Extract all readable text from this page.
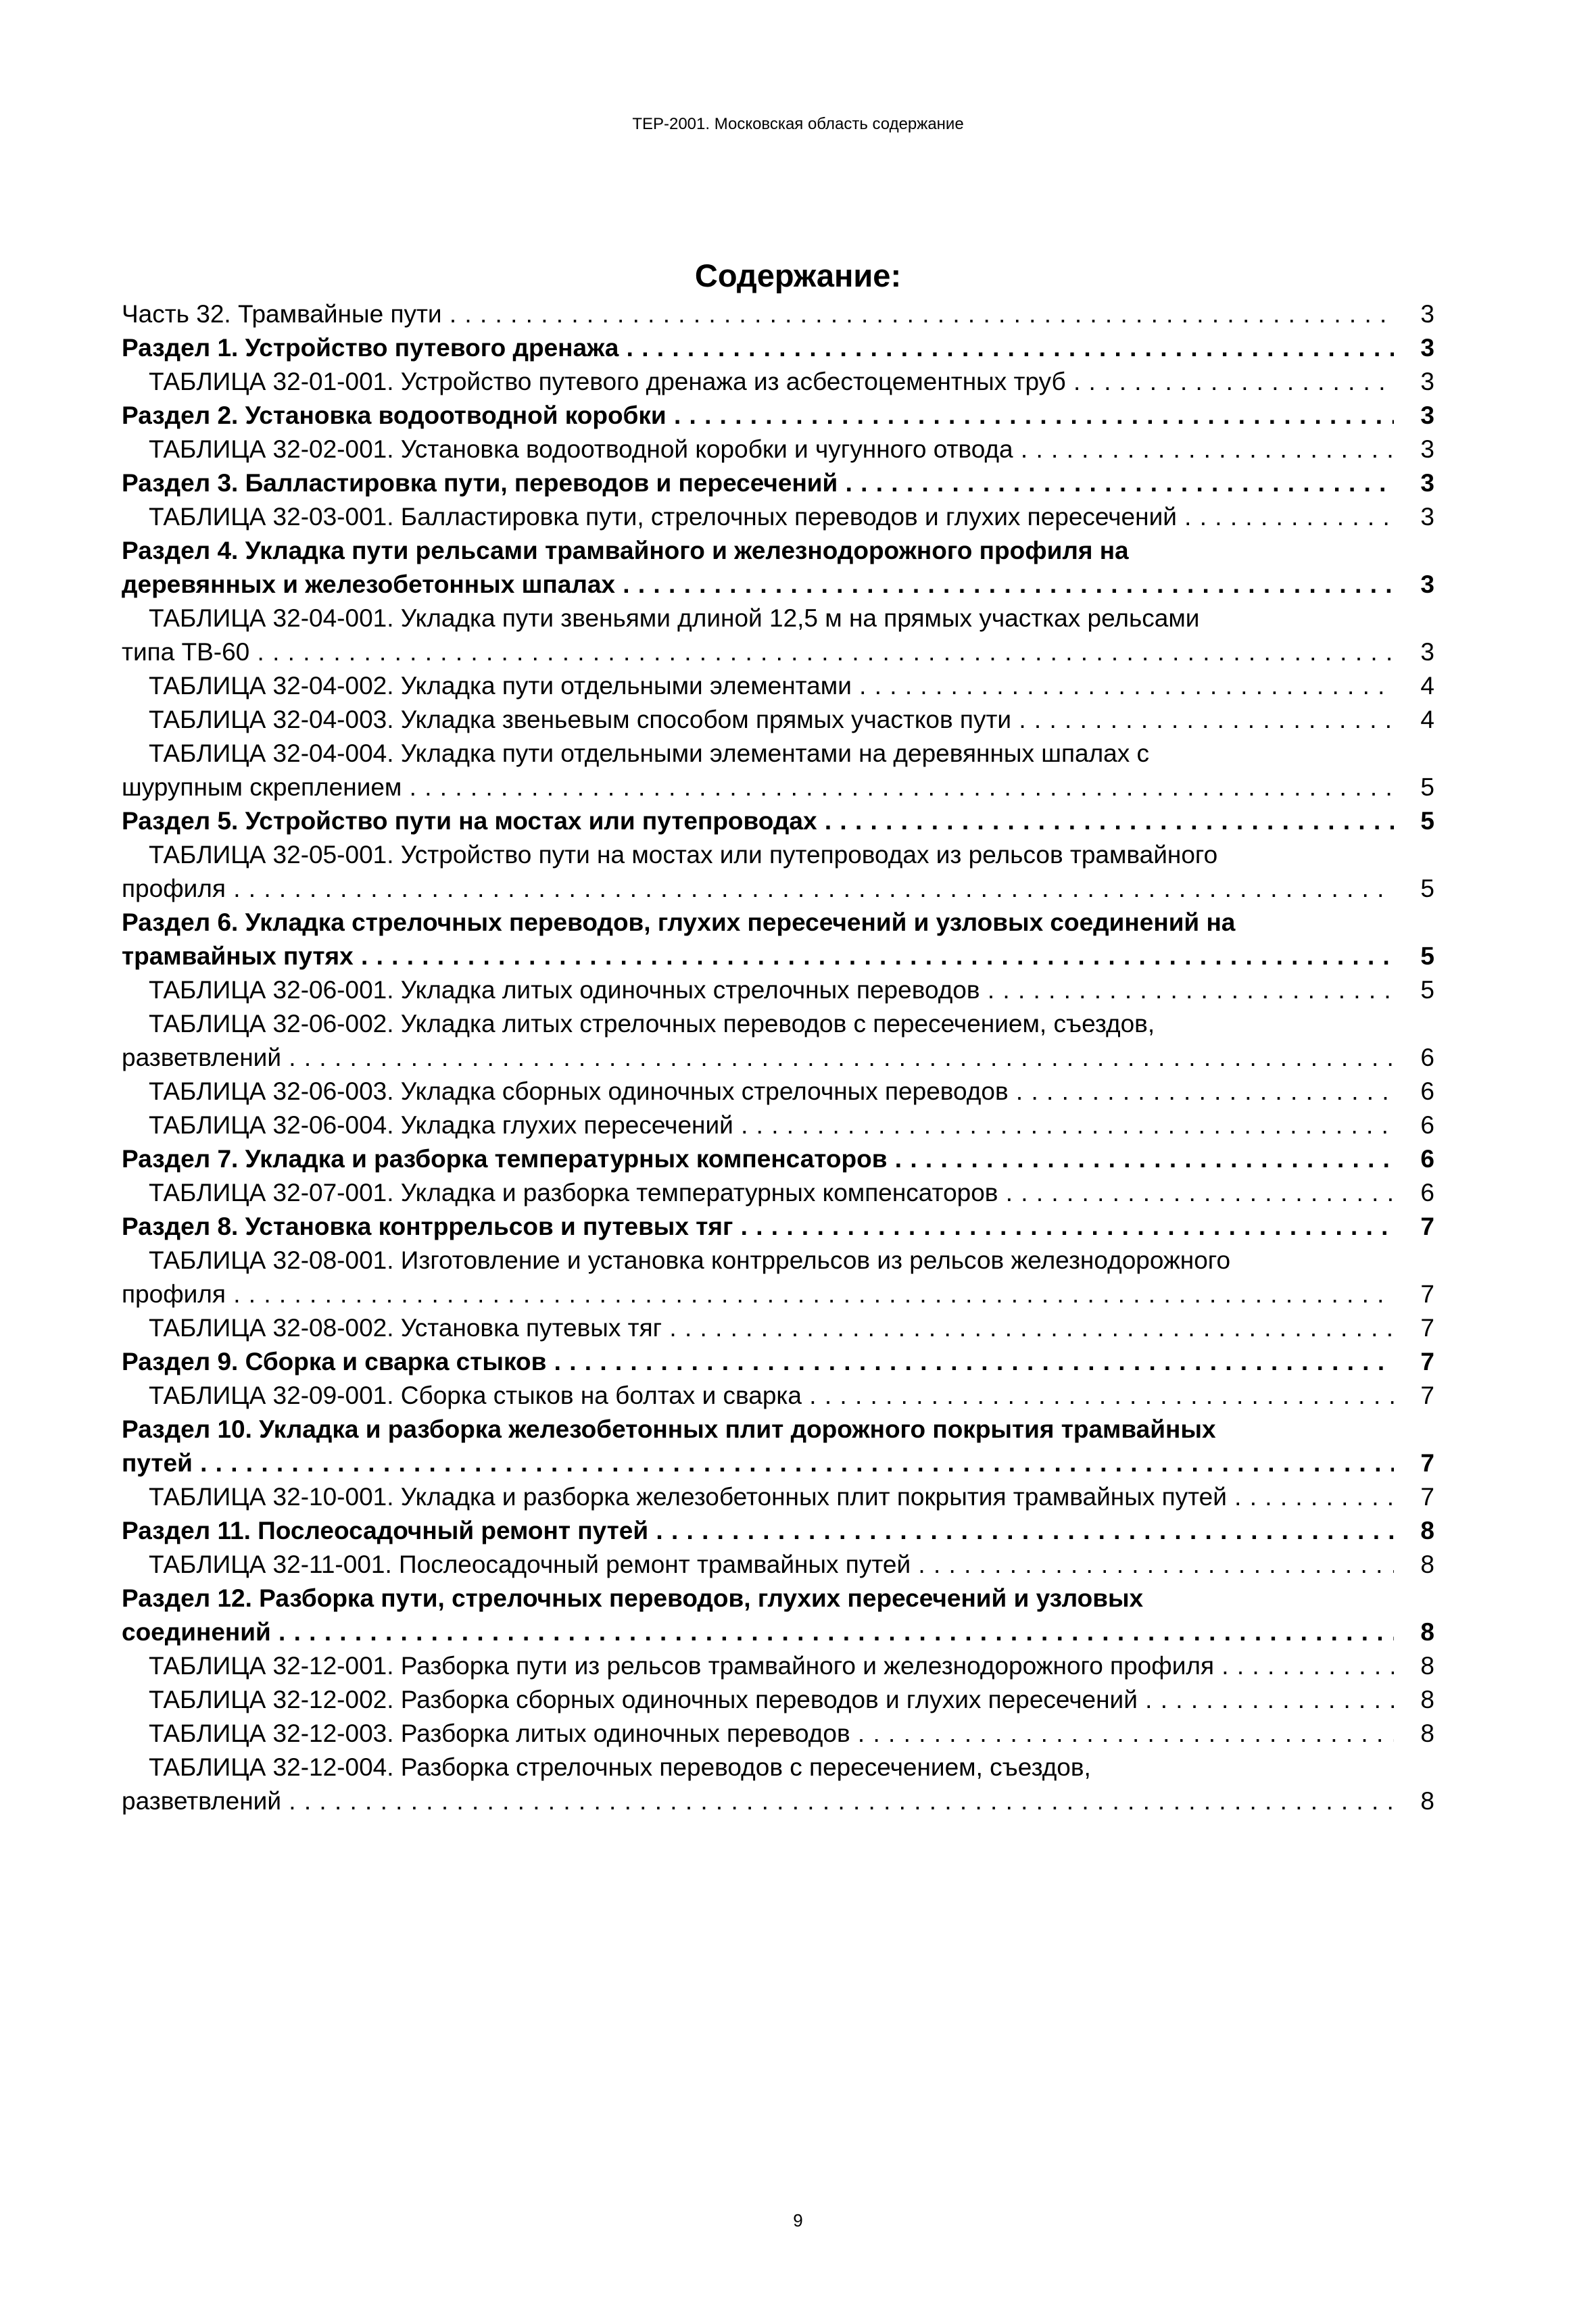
ТЕР-2001. Московская область содержание
Содержание:
Часть 32. Трамвайные пути . . .	3
Раздел 1. Устройство путевого дренажа . . .	3
ТАБЛИЦА 32-01-001. Устройство путевого дренажа из асбестоцементных труб . . .	3
Раздел 2. Установка водоотводной коробки . . .	3
ТАБЛИЦА 32-02-001. Установка водоотводной коробки и чугунного отвода . . .	3
Раздел 3. Балластировка пути, переводов и пересечений . . .	3
ТАБЛИЦА 32-03-001. Балластировка пути, стрелочных переводов и глухих пересечений . . .	3
Раздел 4. Укладка пути рельсами трамвайного и железнодорожного профиля на
деревянных и железобетонных шпалах . . .	3
ТАБЛИЦА 32-04-001. Укладка пути звеньями длиной 12,5 м на прямых участках рельсами
типа ТВ-60 . . .	3
ТАБЛИЦА 32-04-002. Укладка пути отдельными элементами . . .	4
ТАБЛИЦА 32-04-003. Укладка звеньевым способом прямых участков пути . . .	4
ТАБЛИЦА 32-04-004. Укладка пути отдельными элементами на деревянных шпалах с
шурупным скреплением . . .	5
Раздел 5. Устройство пути на мостах или путепроводах . . .	5
ТАБЛИЦА 32-05-001. Устройство пути на мостах или путепроводах из рельсов трамвайного
профиля . . .	5
Раздел 6. Укладка стрелочных переводов, глухих пересечений и узловых соединений на
трамвайных путях . . .	5
ТАБЛИЦА 32-06-001. Укладка литых одиночных стрелочных переводов . . .	5
ТАБЛИЦА 32-06-002. Укладка литых стрелочных переводов с пересечением, съездов,
разветвлений . . .	6
ТАБЛИЦА 32-06-003. Укладка сборных одиночных стрелочных переводов . . .	6
ТАБЛИЦА 32-06-004. Укладка глухих пересечений . . .	6
Раздел 7. Укладка и разборка температурных компенсаторов . . .	6
ТАБЛИЦА 32-07-001. Укладка и разборка температурных компенсаторов . . .	6
Раздел 8. Установка контррельсов и путевых тяг . . .	7
ТАБЛИЦА 32-08-001. Изготовление и установка контррельсов из рельсов железнодорожного
профиля . . .	7
ТАБЛИЦА 32-08-002. Установка путевых тяг . . .	7
Раздел 9. Сборка и сварка стыков . . .	7
ТАБЛИЦА 32-09-001. Сборка стыков на болтах и сварка . . .	7
Раздел 10. Укладка и разборка железобетонных плит дорожного покрытия трамвайных
путей . . .	7
ТАБЛИЦА 32-10-001. Укладка и разборка железобетонных плит покрытия трамвайных путей . . .	7
Раздел 11. Послеосадочный ремонт путей . . .	8
ТАБЛИЦА 32-11-001. Послеосадочный ремонт трамвайных путей . . .	8
Раздел 12. Разборка пути, стрелочных переводов, глухих пересечений и узловых
соединений . . .	8
ТАБЛИЦА 32-12-001. Разборка пути из рельсов трамвайного и железнодорожного профиля . . .	8
ТАБЛИЦА 32-12-002. Разборка сборных одиночных переводов и глухих пересечений . . .	8
ТАБЛИЦА 32-12-003. Разборка литых одиночных переводов . . .	8
ТАБЛИЦА 32-12-004. Разборка стрелочных переводов с пересечением, съездов,
разветвлений . . .	8
9
